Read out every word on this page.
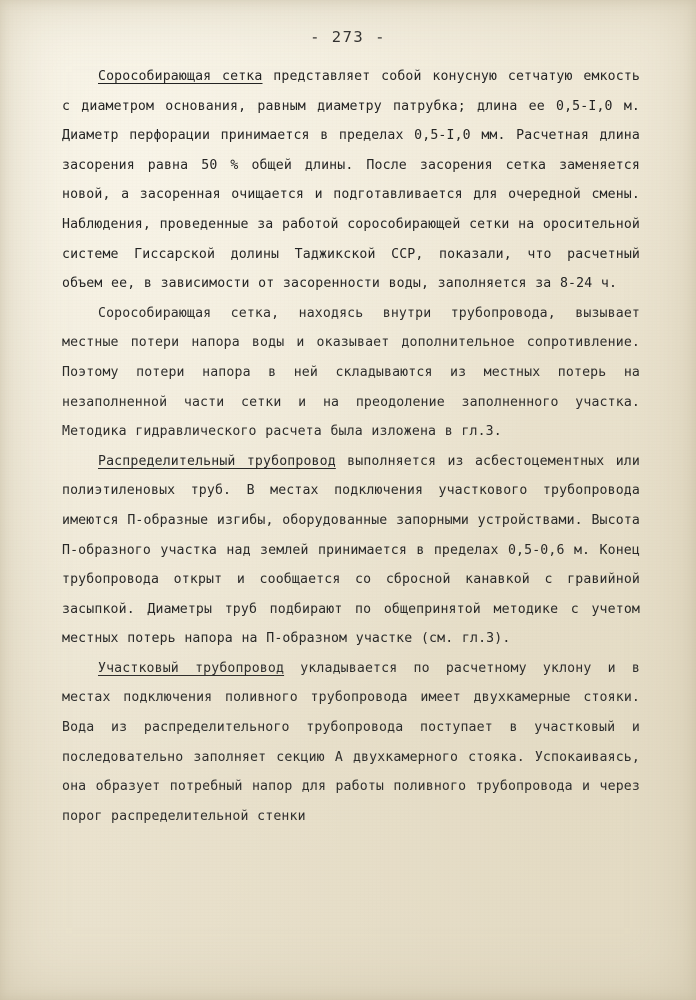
- 273 -

Сорособирающая сетка представляет собой конусную сетчатую емкость с диаметром основания, равным диаметру патрубка; длина ее 0,5-I,0 м. Диаметр перфорации принимается в пределах 0,5-I,0 мм. Расчетная длина засорения равна 50 % общей длины. После засорения сетка заменяется новой, а засоренная очищается и подготавливается для очередной смены. Наблюдения, проведенные за работой сорособирающей сетки на оросительной системе Гиссарской долины Таджикской ССР, показали, что расчетный объем ее, в зависимости от засоренности воды, заполняется за 8-24 ч.

Сорособирающая сетка, находясь внутри трубопровода, вызывает местные потери напора воды и оказывает дополнительное сопротивление. Поэтому потери напора в ней складываются из местных потерь на незаполненной части сетки и на преодоление заполненного участка. Методика гидравлического расчета была изложена в гл.3.

Распределительный трубопровод выполняется из асбестоцементных или полиэтиленовых труб. В местах подключения участкового трубопровода имеются П-образные изгибы, оборудованные запорными устройствами. Высота П-образного участка над землей принимается в пределах 0,5-0,6 м. Конец трубопровода открыт и сообщается со сбросной канавкой с гравийной засыпкой. Диаметры труб подбирают по общепринятой методике с учетом местных потерь напора на П-образном участке (см. гл.3).

Участковый трубопровод укладывается по расчетному уклону и в местах подключения поливного трубопровода имеет двухкамерные стояки. Вода из распределительного трубопровода поступает в участковый и последовательно заполняет секцию А двухкамерного стояка. Успокаиваясь, она образует потребный напор для работы поливного трубопровода и через порог распределительной стенки
